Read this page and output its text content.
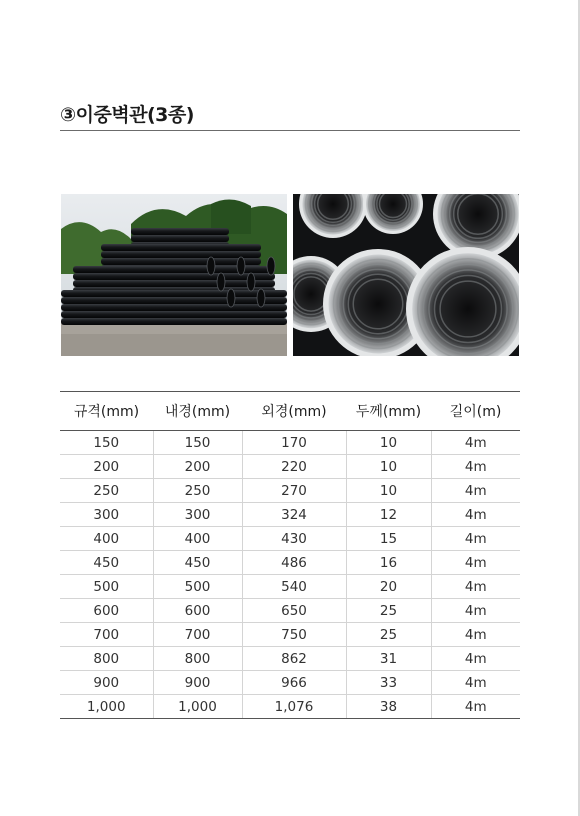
③이중벽관(3종)
규격(mm)	내경(mm)	외경(mm)	두께(mm)	길이(m)
150	150	170	10	4m
200	200	220	10	4m
250	250	270	10	4m
300	300	324	12	4m
400	400	430	15	4m
450	450	486	16	4m
500	500	540	20	4m
600	600	650	25	4m
700	700	750	25	4m
800	800	862	31	4m
900	900	966	33	4m
1,000	1,000	1,076	38	4m
